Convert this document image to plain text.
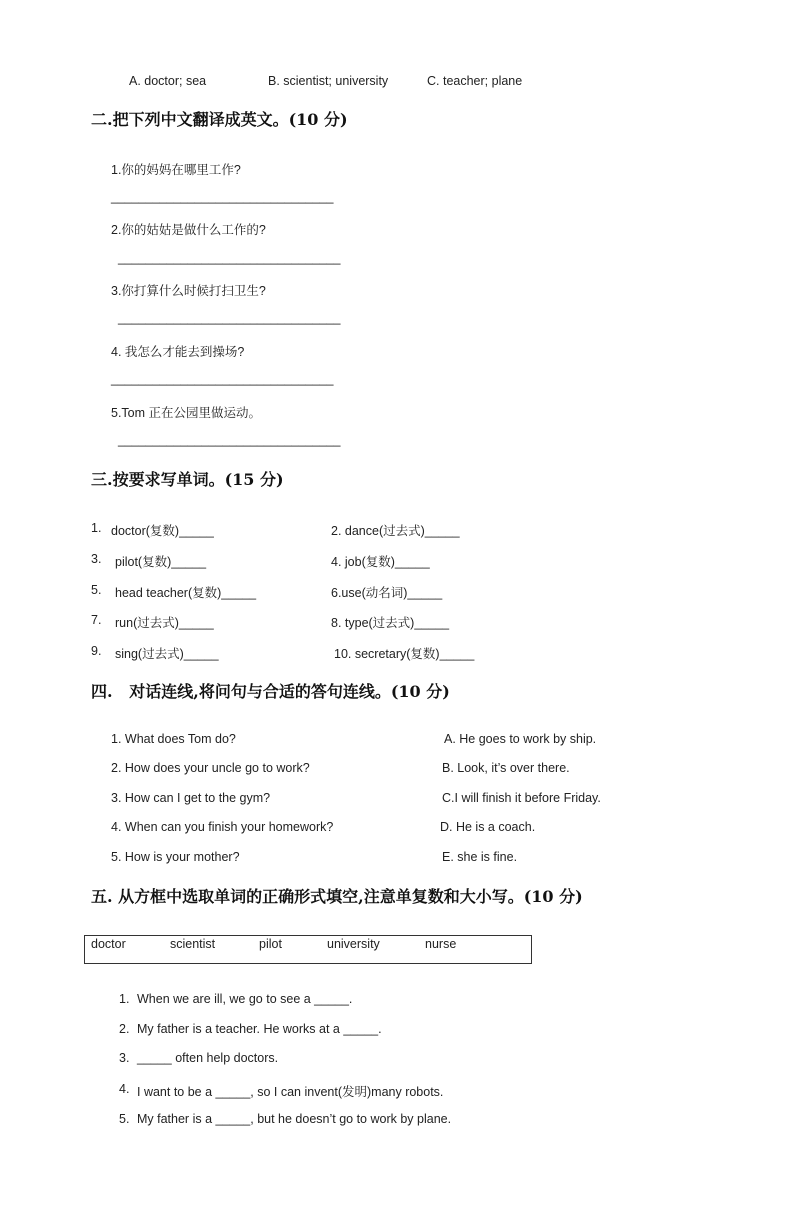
A. doctor; sea	B. scientist; university	C. teacher; plane
二.把下列中文翻译成英文。(10 分)
1.你的妈妈在哪里工作?
________________________________
2.你的姑姑是做什么工作的?
________________________________
3.你打算什么时候打扫卫生?
________________________________
4. 我怎么才能去到操场?
________________________________
5.Tom 正在公园里做运动。
________________________________
三.按要求写单词。(15 分)
1. doctor(复数)_____	2. dance(过去式)_____
3. pilot(复数)_____	4. job(复数)_____
5. head teacher(复数)_____	6.use(动名词)_____
7. run(过去式)_____	8. type(过去式)_____
9. sing(过去式)_____	10. secretary(复数)_____
四.   对话连线,将问句与合适的答句连线。(10 分)
1. What does Tom do?	A. He goes to work by ship.
2. How does your uncle go to work?	B. Look, it’s over there.
3. How can I get to the gym?	C.I will finish it before Friday.
4. When can you finish your homework?	D. He is a coach.
5. How is your mother?	E. she is fine.
五. 从方框中选取单词的正确形式填空,注意单复数和大小写。(10 分)
doctor	scientist	pilot	university	nurse
1. When we are ill, we go to see a _____.
2. My father is a teacher. He works at a _____.
3. _____ often help doctors.
4. I want to be a _____, so I can invent(发明)many robots.
5. My father is a _____, but he doesn’t go to work by plane.
